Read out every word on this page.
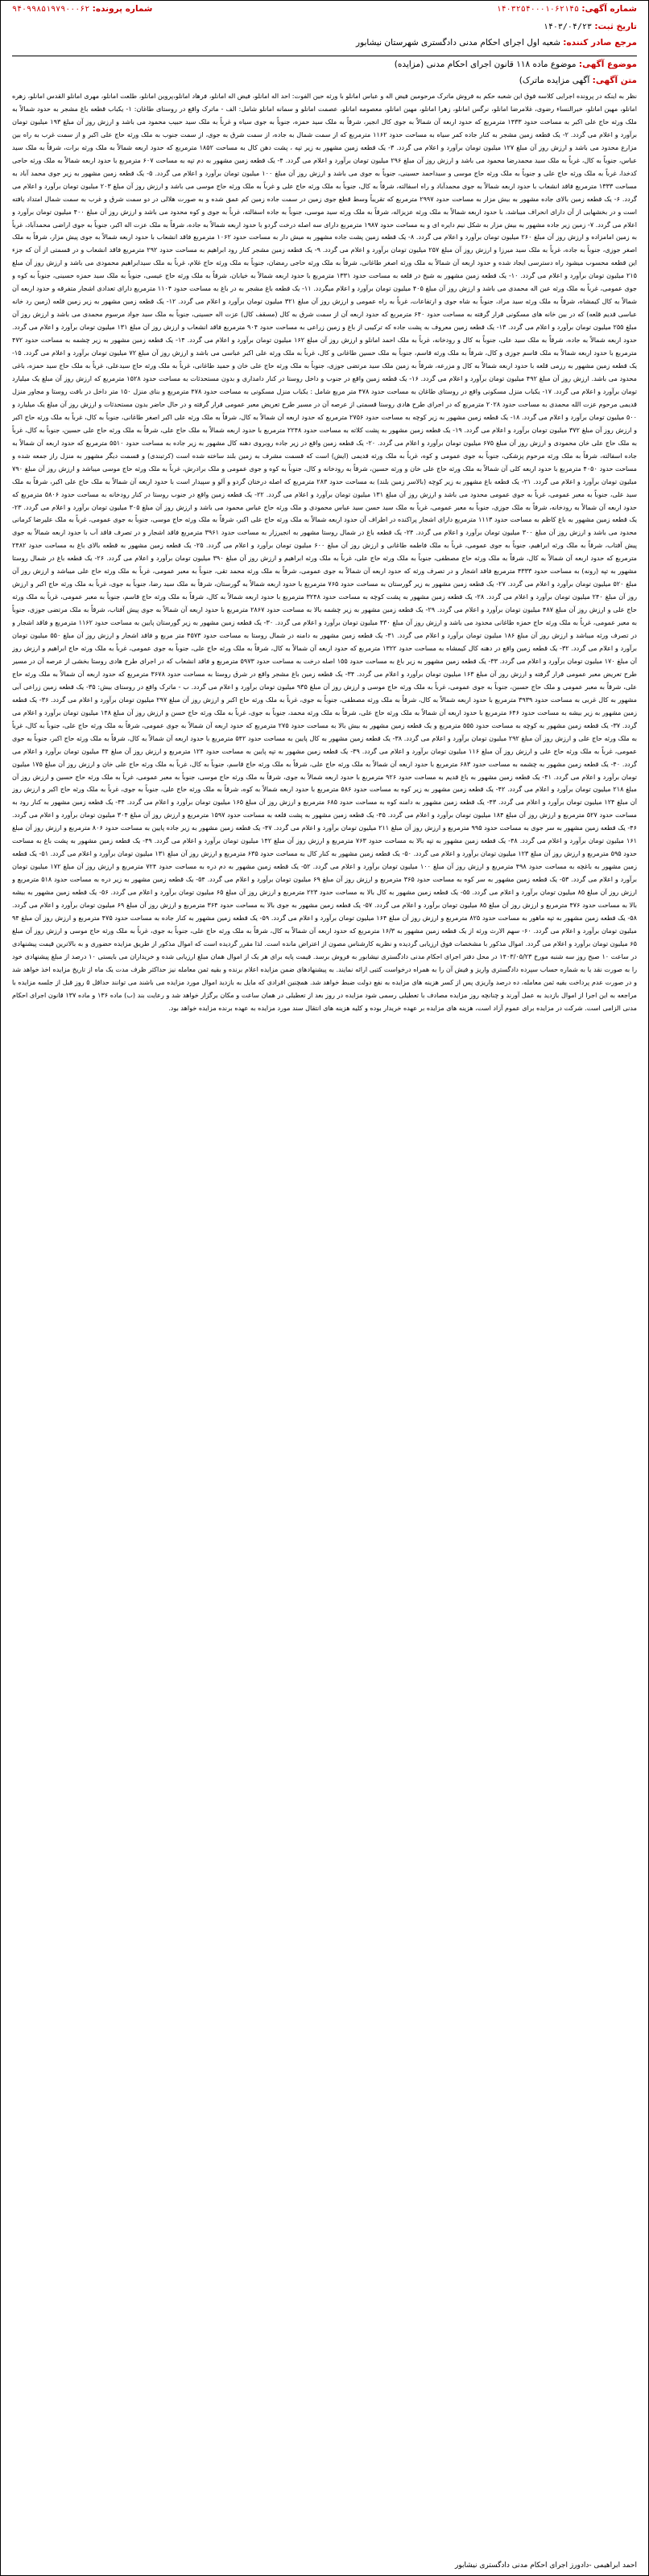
شماره آگهی: ۱۴۰۳۲۵۴۰۰۰۱۰۶۲۱۴۵
شماره پرونده: ۹۴۰۹۹۸۵۱۹۷۹۰۰۰۶۲
تاریخ ثبت: ۱۴۰۳/۰۴/۲۳
مرجع صادر کننده: شعبه اول اجرای احکام مدنی دادگستری شهرستان نیشابور
موضوع آگهی: موضوع ماده ۱۱۸ قانون اجرای احکام مدنی (مزایده)
متن آگهی: آگهی مزایده ماترک)
نظر به اینکه در پرونده اجرایی کلاسه فوق این شعبه حکم به فروش ماترک مرحومین فیض اله و عباس امانلو با ورثه حین الفوت: احد اله امانلو، فیض اله امانلو، فرهاد امانلو،پروین امانلو، طلعت امانلو، مهری امانلو القدس امانلو، زهره امانلو، مهین امانلو، خیرالنساء رضوی، غلامرضا امانلو، نرگس امانلو، زهرا امانلو، مهین امانلو، معصومه امانلو، عصمت امانلو و سمانه امانلو شامل: الف - ماترک واقع در روستای طاغان: ۱- یکباب قطعه باغ مشجر به حدود شمالاً به ملک ورثه حاج علی اکبر به مساحت حدود ۱۴۳۳ مترمربع که حدود اربعه آن شمالاً به جوی کال انجیر، شرقاً به ملک سید حمزه، جنوباً به جوی سیاه و غرباً به ملک سید حبیب محمود می باشد و ارزش روز آن مبلغ ۱۹۳ میلیون تومان برآورد و اعلام می گردد. ۲- یک قطعه زمین مشجر به کنار جاده کمر سیاه به مساحت حدود ۱۱۶۲ مترمربع که از سمت شمال به جاده، از سمت شرق به جوی، از سمت جنوب به ملک ورثه حاج علی اکبر و از سمت غرب به راه بین مزارع محدود می باشد و ارزش روز آن مبلغ ۱۲۷ میلیون تومان برآورد و اعلام می گردد. ۳- یک قطعه زمین مشهور به زیر تپه ، پشت دهن کال به مساحت ۱۸۵۲ مترمربع که حدود اربعه شمالاً به ملک ورثه برات، شرقاً به ملک سید عباس، جنوباً به کال، غرباً به ملک سید محمدرضا محمود می باشد و ارزش روز آن مبلغ ۲۹۶ میلیون تومان برآورد و اعلام می گردد. ۴- یک قطعه زمین مشهور به دم تپه به مساحت ۶۰۷ مترمربع با حدود اربعه شمالاً به ملک ورثه حاجی کدخدا، غرباً به ملک ورثه حاج علی و جنوباً به ملک ورثه حاج موسی و سیداحمد حسینی، جنوباً به جوی می باشد و ارزش روز آن مبلغ ۱۰۰ میلیون تومان برآورد و اعلام می گردد. ۵- یک قطعه زمین مشهور به زیر جوی محمد آباد به مساحت ۱۳۳۳ مترمربع فاقد انشعاب با حدود اربعه شمالاً به جوی محمدآباد و راه اسفالته، شرقاً به کال، جنوباً به ملک ورثه حاج علی و غرباً به ملک ورثه حاج موسی می باشد و ارزش روز آن مبلغ ۲۰۳ میلیون تومان برآورد و اعلام می گردد. ۶- یک قطعه زمین بالای جاده مشهور به بیش مزار به مساحت حدود ۲۹۹۷ مترمربع که تقریباً وسط قطع جوی زمین در سمت جاده زمین کم عمق شده و به صورت هلالی در دو سمت شرق و غرب به سمت شمال امتداد یافته است و در بخشهایی از آن دارای انحراف میباشد، با حدود اربعه شمالاً به ملک ورثه عزیزاله، شرقاً به ملک ورثه سید موسی، جنوباً به جاده اسفالته، غرباً به جوی و کوه محدود می باشد و ارزش روز آن مبلغ ۴۰۰ میلیون تومان برآورد و اعلام می گردد. ۷- زمین زیر جاده مشهور به بیش مزار به شکل نیم دایره ای و به مساحت حدود ۱۹۸۷ مترمربع دارای سه اصله درخت گردو با حدود اربعه شمالاً به جاده، شرقاً به ملک عزت اله اکبر، جنوباً به جوی اراضی محمدآباد، غرباً به زمین امامزاده و ارزش روز آن مبلغ ۲۶۰ میلیون تومان برآورد و اعلام می گردد. ۸- یک قطعه زمین پشت جاده مشهور به میش دار به مساحت حدود ۱۰۶۲ مترمربع فاقد انشعاب با حدود اربعه شمالاً به جوی پیش مزار، شرقاً به ملک اصغر جوزی، جنوباً به جاده، غرباً به ملک سید میرزا و ارزش روز آن مبلغ ۲۵۷ میلیون تومان برآورد و اعلام می گردد. ۹- یک قطعه زمین مشجر کنار رود ابراهیم به مساحت حدود ۲۹۲ مترمربع فاقد انشعاب و در قسمتی از آن که جزء این قطعه محسوب میشود راه دسترسی ایجاد شده و حدود اربعه آن شمالاً به ملک ورثه اصغر طاغانی، شرقاً به ملک ورثه حاجی رمضان، جنوباً به ملک ورثه حاج غلام، غرباً به ملک سیدابراهیم محمودی می باشد و ارزش روز آن مبلغ ۲۱۵ میلیون تومان برآورد و اعلام می گردد. ۱۰- یک قطعه زمین مشهور به شیخ در قلعه به مساحت حدود ۱۳۳۱ مترمربع با حدود اربعه شمالاً به خیابان، شرقاً به ملک ورثه حاج عیسی، جنوباً به ملک سید حمزه حسینی، جنوباً به کوه و جوی عمومی، غرباً به ملک ورثه عین اله محمدی می باشد و ارزش روز آن مبلغ ۴۰۵ میلیون تومان برآورد و اعلام میگردد. ۱۱- یک قطعه باغ مشجر به در باغ به مساحت حدود ۱۱۰۴ مترمربع دارای تعدادی اشجار متفرقه و حدود اربعه آن شمالاً به کال کیمشاه، شرقاً به ملک ورثه سید مراد، جنوباً به شاه جوی و ارتفاعات، غرباً به راه عمومی و ارزش روز آن مبلغ ۳۲۱ میلیون تومان برآورد و اعلام می گردد. ۱۲- یک قطعه زمین مشهور به زیر زمین قلعه (زمین رد خانه عباسی قدیم قلعه) که در بین خانه های مسکونی قرار گرفته به مساحت حدود ۶۴۰ مترمربع که حدود اربعه آن از سمت شرق به کال (مسقف کال) عزت اله حسینی، جنوباً به ملک سید جواد مرسوم محمدی می باشد و ارزش روز آن مبلغ ۲۵۵ میلیون تومان برآورد و اعلام می گردد. ۱۳- یک قطعه زمین معروف به پشت جاده که ترکیبی از باغ و زمین زراعی به مساحت حدود ۹۰۴ مترمربع فاقد انشعاب و ارزش روز آن مبلغ ۱۳۱ میلیون تومان برآورد و اعلام می گردد. حدود اربعه شمالاً به جاده، شرقاً به ملک سید علی، جنوباً به کال و رودخانه، غرباً به ملک احمد امانلو و ارزش روز آن مبلغ ۱۶۲ میلیون تومان برآورد و اعلام می گردد. ۱۴- یک قطعه زمین مشهور به زیر چشمه به مساحت حدود ۴۷۲ مترمربع با حدود اربعه شمالاً به ملک قاسم جوزی و کال، شرقاً به ملک ورثه قاسم، جنوباً به ملک حسین طاغانی و کال، غرباً به ملک ورثه علی اکبر عباسی می باشد و ارزش روز آن مبلغ ۷۲ میلیون تومان برآورد و اعلام می گردد. ۱۵- یک قطعه زمین مشهور به رزمی قلعه با حدود اربعه شمالاً به کال و مزرعه، شرقاً به زمین ملک سید مرتضی جوزی، جنوباً به ملک ورثه حاج علی خان و حمید طاغانی، غرباً به ملک ورثه حاج سیدعلی، غرباً به ملک حاج سید حمزه، باغی محدود می باشد. ارزش روز آن مبلغ ۴۹۲ میلیون تومان برآورد و اعلام می گردد. ۱۶- یک قطعه زمین واقع در جنوب و داخل روستا در کنار دامداری و بدون مستحدثات به مساحت حدود ۱۵۲۸ مترمربع که ارزش روز آن مبلغ یک میلیارد تومان برآورد و اعلام می گردد. ۱۷- یکباب منزل مسکونی واقع در روستای طاغان به مساحت حدود ۴۷۸ متر مربع شامل : یکباب منزل مسکونی به مساحت حدود ۴۷۸ مترمربع و بنای منزل ۱۵۰ متر داخل در بافت روستا و مجاور منزل قدیمی مرحوم عزت الله محمدی به مساحت حدود ۲۰۲۸ مترمربع که در اجرای طرح هادی روستا قسمتی از عرصه آن در مسیر طرح تعریض معبر عمومی قرار گرفته و در حال حاضر بدون مستحدثات و ارزش روز آن مبلغ یک میلیارد و ۵۰۰ میلیون تومان برآورد و اعلام می گردد. ۱۸- یک قطعه زمین مشهور به زیر کوچه به مساحت حدود ۲۷۵۶ مترمربع که حدود اربعه آن شمالاً به کال، شرقاً به ملک ورثه علی اکبر اصغر طاغانی، جنوباً به کال، غرباً به ملک ورثه حاج اکبر و ارزش روز آن مبلغ ۳۷۲ میلیون تومان برآورد و اعلام می گردد. ۱۹- یک قطعه زمین مشهور به پشت کلاته به مساحت حدود ۲۲۴۸ مترمربع با حدود اربعه شمالاً به ملک حاج علی، شرقاً به ملک ورثه حاج علی حسین، جنوباً به کال، غرباً به ملک حاج علی خان محمودی و ارزش روز آن مبلغ ۶۷۵ میلیون تومان برآورد و اعلام می گردد. ۲۰- یک قطعه زمین واقع در زیر جاده روبروی دهنه کال مشهور به زیر جاده به مساحت حدود ۵۵۱۰ مترمربع که حدود اربعه آن شمالاً به جاده اسفالته، شرقاً به ملک ورثه مرحوم پزشکی، جنوباً به جوی عمومی و کوه، غرباً به ملک ورثه قدیمی (ایش) است که قسمت مشرف به زمین بلند ساخته شده است (کرتبندی) و قسمت دیگر مشهور به منزل راز جمعه شده و مساحت حدود ۴۰۵۰ مترمربع با حدود اربعه کلی آن شمالاً به ملک ورثه حاج علی خان و ورثه حسین، شرقاً به رودخانه و کال، جنوباً به کوه و جوی عمومی و ملک برادرش، غرباً به ملک ورثه حاج موسی میباشد و ارزش روز آن مبلغ ۷۹۰ میلیون تومان برآورد و اعلام می گردد. ۲۱- یک قطعه باغ مشهور به زیر کوچه (بالاسر زمین بلند) به مساحت حدود ۲۸۳ مترمربع که اصله درختان گردو و آلو و سپیدار است با حدود اربعه آن شمالاً به ملک حاج علی اکبر، شرقاً به ملک سید علی، جنوباً به معبر عمومی، غرباً به جوی عمومی محدود می باشد و ارزش روز آن مبلغ ۱۳۱ میلیون تومان برآورد و اعلام می گردد. ۲۲- یک قطعه زمین واقع در جنوب روستا در کنار رودخانه به مساحت حدود ۵۸۰۶ مترمربع که حدود اربعه آن شمالاً به رودخانه، شرقاً به ملک جوزی، جنوباً به معبر عمومی، غرباً به ملک سید حسن سید عباس محمودی و ملک ورثه حاج عباس محمود می باشد و ارزش روز آن مبلغ ۳۰۵ میلیون تومان برآورد و اعلام می گردد. ۲۳- یک قطعه زمین مشهور به باغ کاظم به مساحت حدود ۱۱۱۳ مترمربع دارای اشجار پراکنده در اطراف آن حدود اربعه شمالاً به ملک ورثه حاج علی اکبر، شرقاً به ملک ورثه حاج موسی، جنوباً به جوی عمومی، غرباً به ملک علیرضا کرمانی محدود می باشد و ارزش روز آن مبلغ ۳۰۰ میلیون تومان برآورد و اعلام می گردد. ۲۴- یک قطعه باغ در شمال روستا مشهور به انجیرزار به مساحت حدود ۳۹۶۱ مترمربع فاقد اشجار و در تصرف فاقد آب با حدود اربعه شمالاً به جوی پیش آفتاب، شرقاً به ملک ورثه ابراهیم، جنوباً به جوی عمومی، غرباً به ملک فاطمه طاغانی و ارزش روز آن مبلغ ۶۰۰ میلیون تومان برآورد و اعلام می گردد. ۲۵- یک قطعه زمین مشهور به قطعه بالای باغ به مساحت حدود ۲۴۸۲ مترمربع که حدود اربعه آن شمالاً به کال، شرقاً به ملک ورثه حاج مصطفی، جنوباً به ملک ورثه حاج علی، غرباً به ملک ورثه ابراهیم و ارزش روز آن مبلغ ۳۹۰ میلیون تومان برآورد و اعلام می گردد. ۲۶- یک قطعه باغ در شمال روستا مشهور به تپه (رونه) به مساحت حدود ۴۳۳۳ مترمربع فاقد اشجار و در تصرف ورثه که حدود اربعه آن شمالاً به جوی عمومی، شرقاً به ملک ورثه محمد تقی، جنوباً به معبر عمومی، غرباً به ملک ورثه حاج علی میباشد و ارزش روز آن مبلغ ۵۲۰ میلیون تومان برآورد و اعلام می گردد. ۲۷- یک قطعه زمین مشهور به زیر گورستان به مساحت حدود ۷۶۵ مترمربع با حدود اربعه شمالاً به گورستان، شرقاً به ملک سید رضا، جنوباً به جوی، غرباً به ملک ورثه حاج اکبر و ارزش روز آن مبلغ ۲۴۰ میلیون تومان برآورد و اعلام می گردد. ۲۸- یک قطعه زمین مشهور به پشت کوچه به مساحت حدود ۳۲۴۸ مترمربع با حدود اربعه شمالاً به کال، شرقاً به ملک ورثه حاج قاسم، جنوباً به معبر عمومی، غرباً به ملک ورثه حاج علی و ارزش روز آن مبلغ ۴۸۷ میلیون تومان برآورد و اعلام می گردد. ۲۹- یک قطعه زمین مشهور به زیر چشمه بالا به مساحت حدود ۲۸۶۷ مترمربع با حدود اربعه آن شمالاً به جوی پیش آفتاب، شرقاً به ملک مرتضی جوزی، جنوباً به معبر عمومی، غرباً به ملک ورثه حاج حمزه طاغانی محدود می باشد و ارزش روز آن مبلغ ۴۳۰ میلیون تومان برآورد و اعلام می گردد. ۳۰- یک قطعه زمین مشهور به زیر گورستان پایین به مساحت حدود ۱۱۶۲ مترمربع و فاقد اشجار و در تصرف ورثه میباشد و ارزش روز آن مبلغ ۱۸۶ میلیون تومان برآورد و اعلام می گردد. ۳۱- یک قطعه زمین مشهور به دامنه در شمال روستا به مساحت حدود ۴۵۷۳ متر مربع و فاقد اشجار و ارزش روز آن مبلغ ۵۵۰ میلیون تومان برآورد و اعلام می گردد. ۳۲- یک قطعه زمین واقع در دهنه کال کیمشاه به مساحت حدود ۱۳۲۲ مترمربع که حدود اربعه آن شمالاً به کال، شرقاً به ملک ورثه حاج علی، جنوباً به جوی عمومی، غرباً به ملک ورثه حاج ابراهیم و ارزش روز آن مبلغ ۱۷۰ میلیون تومان برآورد و اعلام می گردد. ۳۳- یک قطعه زمین مشهور به زیر باغ به مساحت حدود ۱۵۵ اصله درخت به مساحت حدود ۵۹۷۳ مترمربع و فاقد انشعاب که در اجرای طرح هادی روستا بخشی از عرصه آن در مسیر طرح تعریض معبر عمومی قرار گرفته و ارزش روز آن مبلغ ۱۶۳ میلیون تومان برآورد و اعلام می گردد. ۳۴- یک قطعه زمین باغ مشجر واقع در شرق روستا به مساحت حدود ۳۶۷۸ مترمربع که حدود اربعه آن شمالاً به ملک ورثه حاج علی، شرقاً به معبر عمومی و ملک حاج حسین، جنوباً به جوی عمومی، غرباً به ملک ورثه حاج موسی و ارزش روز آن مبلغ ۹۳۵ میلیون تومان برآورد و اعلام می گردد. ب - ماترک واقع در روستای بیش: ۳۵- یک قطعه زمین زراعی آبی مشهور به کال غربی به مساحت حدود ۳۹۳۹ مترمربع با حدود اربعه شمالاً به کال، شرقاً به ملک ورثه مصطفی، جنوباً به جوی، غرباً به ملک ورثه حاج اکبر و ارزش روز آن مبلغ ۲۹۷ میلیون تومان برآورد و اعلام می گردد. ۳۶- یک قطعه زمین مشهور به زیر بیشه به مساحت حدود ۶۴۶ مترمربع با حدود اربعه آن شمالاً به ملک ورثه حاج علی، شرقاً به ملک ورثه محمد، جنوباً به جوی، غرباً به ملک ورثه حاج حسن و ارزش روز آن مبلغ ۱۴۸ میلیون تومان برآورد و اعلام می گردد. ۳۷- یک قطعه زمین مشهور به کوچه به مساحت حدود ۵۵۵ مترمربع و یک قطعه زمین مشهور به بیش بالا به مساحت حدود ۲۷۵ مترمربع که حدود اربعه آن شمالاً به جوی عمومی، شرقاً به ملک ورثه حاج علی، جنوباً به کال، غرباً به ملک ورثه حاج علی و ارزش روز آن مبلغ ۲۹۲ میلیون تومان برآورد و اعلام می گردد. ۳۸- یک قطعه زمین مشهور به کال پایین به مساحت حدود ۵۴۲ مترمربع با حدود اربعه آن شمالاً به کال، شرقاً به ملک ورثه حاج اکبر، جنوباً به جوی عمومی، غرباً به ملک ورثه حاج علی و ارزش روز آن مبلغ ۱۱۶ میلیون تومان برآورد و اعلام می گردد. ۳۹- یک قطعه زمین مشهور به تپه پایین به مساحت حدود ۱۲۴ مترمربع و ارزش روز آن مبلغ ۳۴ میلیون تومان برآورد و اعلام می گردد. ۴۰- یک قطعه زمین مشهور به چشمه به مساحت حدود ۶۸۳ مترمربع با حدود اربعه آن شمالاً به ملک ورثه حاج علی، شرقاً به ملک ورثه حاج قاسم، جنوباً به کال، غرباً به ملک ورثه حاج علی خان و ارزش روز آن مبلغ ۱۷۵ میلیون تومان برآورد و اعلام می گردد. ۴۱- یک قطعه زمین مشهور به باغ قدیم به مساحت حدود ۹۲۶ مترمربع با حدود اربعه شمالاً به جوی، شرقاً به ملک ورثه حاج موسی، جنوباً به معبر عمومی، غرباً به ملک ورثه حاج حسین و ارزش روز آن مبلغ ۲۱۸ میلیون تومان برآورد و اعلام می گردد. ۴۲- یک قطعه زمین مشهور به زیر کوه به مساحت حدود ۵۸۶ مترمربع با حدود اربعه شمالاً به کوه، شرقاً به ملک ورثه حاج علی، جنوباً به جوی، غرباً به ملک ورثه حاج اکبر و ارزش روز آن مبلغ ۱۲۴ میلیون تومان برآورد و اعلام می گردد. ۴۳- یک قطعه زمین مشهور به دامنه کوه به مساحت حدود ۶۸۵ مترمربع و ارزش روز آن مبلغ ۱۶۵ میلیون تومان برآورد و اعلام می گردد. ۴۴- یک قطعه زمین مشهور به کنار رود به مساحت حدود ۵۲۷ مترمربع و ارزش روز آن مبلغ ۱۸۴ میلیون تومان برآورد و اعلام می گردد. ۴۵- یک قطعه زمین مشهور به پشت قلعه به مساحت حدود ۱۵۹۷ مترمربع و ارزش روز آن مبلغ ۳۰۴ میلیون تومان برآورد و اعلام می گردد. ۴۶- یک قطعه زمین مشهور به سر جوی به مساحت حدود ۹۹۵ مترمربع و ارزش روز آن مبلغ ۲۱۱ میلیون تومان برآورد و اعلام می گردد. ۴۷- یک قطعه زمین مشهور به زیر جاده پایین به مساحت حدود ۸۰۶ مترمربع و ارزش روز آن مبلغ ۱۶۱ میلیون تومان برآورد و اعلام می گردد. ۴۸- یک قطعه زمین مشهور به تپه بالا به مساحت حدود ۷۶۳ مترمربع و ارزش روز آن مبلغ ۱۴۲ میلیون تومان برآورد و اعلام می گردد. ۴۹- یک قطعه زمین مشهور به پشت باغ به مساحت حدود ۵۹۵ مترمربع و ارزش روز آن مبلغ ۱۲۳ میلیون تومان برآورد و اعلام می گردد. ۵۰- یک قطعه زمین مشهور به کنار کال به مساحت حدود ۶۳۵ مترمربع و ارزش روز آن مبلغ ۱۳۱ میلیون تومان برآورد و اعلام می گردد. ۵۱- یک قطعه زمین مشهور به باغچه به مساحت حدود ۴۹۸ مترمربع و ارزش روز آن مبلغ ۱۰۰ میلیون تومان برآورد و اعلام می گردد. ۵۲- یک قطعه زمین مشهور به دم دره به مساحت حدود ۷۲۴ مترمربع و ارزش روز آن مبلغ ۱۷۲ میلیون تومان برآورد و اعلام می گردد. ۵۳- یک قطعه زمین مشهور به سر کوه به مساحت حدود ۳۶۵ مترمربع و ارزش روز آن مبلغ ۶۹ میلیون تومان برآورد و اعلام می گردد. ۵۴- یک قطعه زمین مشهور به زیر دره به مساحت حدود ۵۱۸ مترمربع و ارزش روز آن مبلغ ۸۵ میلیون تومان برآورد و اعلام می گردد. ۵۵- یک قطعه زمین مشهور به کال بالا به مساحت حدود ۲۲۳ مترمربع و ارزش روز آن مبلغ ۶۵ میلیون تومان برآورد و اعلام می گردد. ۵۶- یک قطعه زمین مشهور به بیشه بالا به مساحت حدود ۴۷۶ مترمربع و ارزش روز آن مبلغ ۸۵ میلیون تومان برآورد و اعلام می گردد. ۵۷- یک قطعه زمین مشهور به جوی بالا به مساحت حدود ۳۶۴ مترمربع و ارزش روز آن مبلغ ۶۹ میلیون تومان برآورد و اعلام می گردد. ۵۸- یک قطعه زمین مشهور به تپه ماهور به مساحت حدود ۸۲۵ مترمربع و ارزش روز آن مبلغ ۱۶۴ میلیون تومان برآورد و اعلام می گردد. ۵۹- یک قطعه زمین مشهور به کنار جاده به مساحت حدود ۴۷۵ مترمربع و ارزش روز آن مبلغ ۹۴ میلیون تومان برآورد و اعلام می گردد. ۶۰- سهم الارث ورثه از یک قطعه زمین مشهور به ۱۶/۳ مترمربع که حدود اربعه آن شمالاً به کال، شرقاً به ملک ورثه حاج علی، جنوباً به جوی، غرباً به ملک ورثه حاج موسی و ارزش روز آن مبلغ ۶۵ میلیون تومان برآورد و اعلام می گردد. اموال مذکور با مشخصات فوق ارزیابی گردیده و نظریه کارشناس مصون از اعتراض مانده است. لذا مقرر گردیده است که اموال مذکور از طریق مزایده حضوری و به بالاترین قیمت پیشنهادی در ساعت ۱۰ صبح روز سه شنبه مورخ ۱۴۰۳/۰۵/۲۳ در محل دفتر اجرای احکام مدنی دادگستری نیشابور به فروش برسد. قیمت پایه برای هر یک از اموال همان مبلغ ارزیابی شده و خریداران می بایستی ۱۰ درصد از مبلغ پیشنهادی خود را به صورت نقد یا به شماره حساب سپرده دادگستری واریز و فیش آن را به همراه درخواست کتبی ارائه نمایند. به پیشنهادهای ضمن مزایده اعلام برنده و بقیه ثمن معامله نیز حداکثر ظرف مدت یک ماه از تاریخ مزایده اخذ خواهد شد و در صورت عدم پرداخت بقیه ثمن معامله، ده درصد واریزی پس از کسر هزینه های مزایده به نفع دولت ضبط خواهد شد. همچنین افرادی که مایل به بازدید اموال مورد مزایده می باشند می توانند حداقل ۵ روز قبل از جلسه مزایده با مراجعه به این اجرا از اموال بازدید به عمل آورند و چنانچه روز مزایده مصادف با تعطیلی رسمی شود مزایده در روز بعد از تعطیلی در همان ساعت و مکان برگزار خواهد شد و رعایت بند (ب) ماده ۱۳۶ و ماده ۱۳۷ قانون اجرای احکام مدنی الزامی است. شرکت در مزایده برای عموم آزاد است، هزینه های مزایده بر عهده خریدار بوده و کلیه هزینه های انتقال سند مورد مزایده به عهده برنده مزایده خواهد بود.
احمد ابراهیمی -دادورز اجرای احکام مدنی دادگستری نیشابور
